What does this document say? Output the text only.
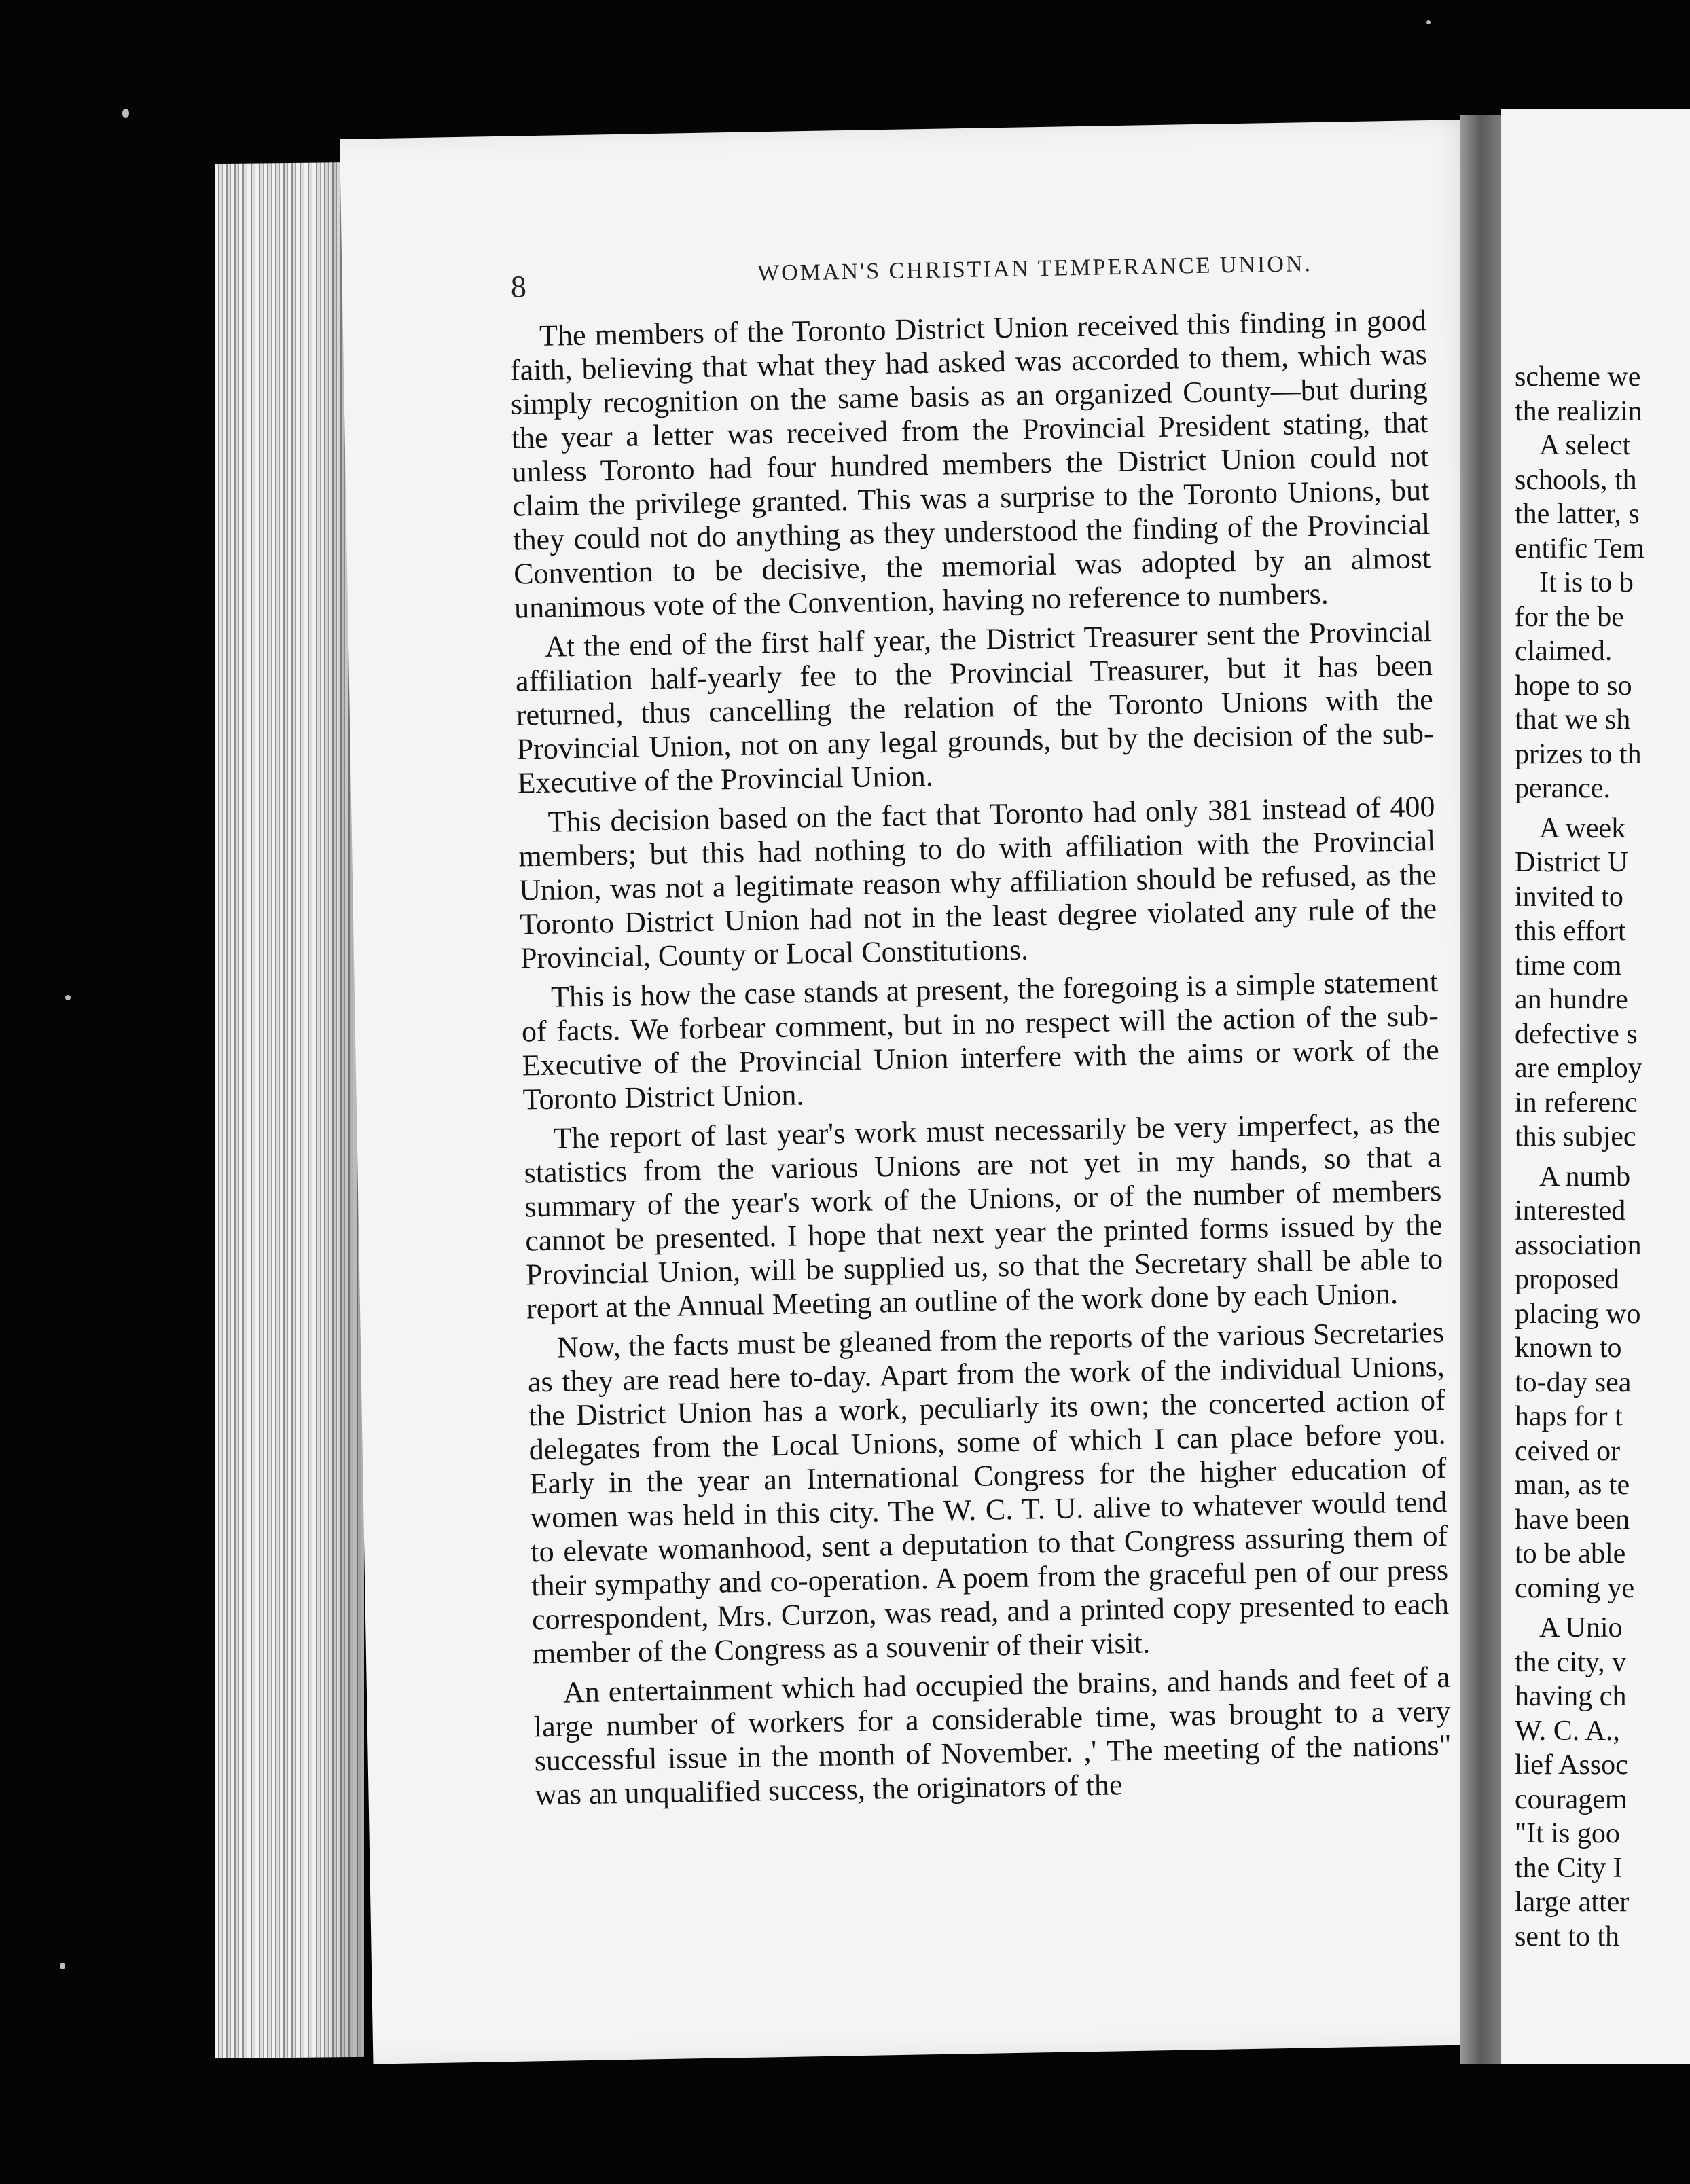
8
WOMAN'S CHRISTIAN TEMPERANCE UNION.

The members of the Toronto District Union received this finding in good faith, believing that what they had asked was accorded to them, which was simply recognition on the same basis as an organized County—but during the year a letter was received from the Provincial President stating, that unless Toronto had four hundred members the District Union could not claim the privilege granted. This was a surprise to the Toronto Unions, but they could not do anything as they understood the finding of the Provincial Convention to be decisive, the memorial was adopted by an almost unanimous vote of the Convention, having no reference to numbers.

At the end of the first half year, the District Treasurer sent the Provincial affiliation half-yearly fee to the Provincial Treasurer, but it has been returned, thus cancelling the relation of the Toronto Unions with the Provincial Union, not on any legal grounds, but by the decision of the sub-Executive of the Provincial Union.

This decision based on the fact that Toronto had only 381 instead of 400 members; but this had nothing to do with affiliation with the Provincial Union, was not a legitimate reason why affiliation should be refused, as the Toronto District Union had not in the least degree violated any rule of the Provincial, County or Local Constitutions.

This is how the case stands at present, the foregoing is a simple statement of facts. We forbear comment, but in no respect will the action of the sub-Executive of the Provincial Union interfere with the aims or work of the Toronto District Union.

The report of last year's work must necessarily be very imperfect, as the statistics from the various Unions are not yet in my hands, so that a summary of the year's work of the Unions, or of the number of members cannot be presented. I hope that next year the printed forms issued by the Provincial Union, will be supplied us, so that the Secretary shall be able to report at the Annual Meeting an outline of the work done by each Union.

Now, the facts must be gleaned from the reports of the various Secretaries as they are read here to-day. Apart from the work of the individual Unions, the District Union has a work, peculiarly its own; the concerted action of delegates from the Local Unions, some of which I can place before you. Early in the year an International Congress for the higher education of women was held in this city. The W. C. T. U. alive to whatever would tend to elevate womanhood, sent a deputation to that Congress assuring them of their sympathy and co-operation. A poem from the graceful pen of our press correspondent, Mrs. Curzon, was read, and a printed copy presented to each member of the Congress as a souvenir of their visit.

An entertainment which had occupied the brains, and hands and feet of a large number of workers for a considerable time, was brought to a very successful issue in the month of November. ,' The meeting of the nations" was an unqualified success, the originators of the

scheme we
the realizin
A select
schools, th
the latter, s
entific Tem
It is to b
for the be
claimed.
hope to so
that we sh
prizes to th
perance.
A week
District U
invited to
this effort
time com
an hundre
defective s
are employ
in referenc
this subjec
A numb
interested
association
proposed
placing wo
known to
to-day sea
haps for t
ceived or
man, as te
have been
to be able
coming ye
A Unio
the city, v
having ch
W. C. A.,
lief Assoc
couragem
"It is goo
the City I
large atter
sent to th
